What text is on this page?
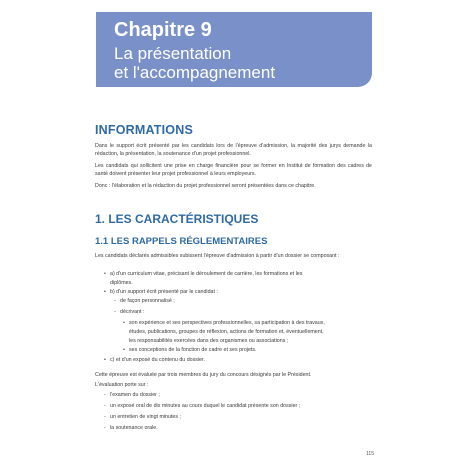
Chapitre 9
La présentation
et l'accompagnement
INFORMATIONS
Dans le support écrit présenté par les candidats lors de l'épreuve d'admission, la majorité des jurys demande la rédaction, la présentation, la soutenance d'un projet professionnel.
Les candidats qui sollicitent une prise en charge financière pour se former en Institut de formation des cadres de santé doivent présenter leur projet professionnel à leurs employeurs.
Donc : l'élaboration et la rédaction du projet professionnel seront présentées dans ce chapitre.
1. LES CARACTÉRISTIQUES
1.1 LES RAPPELS RÉGLEMENTAIRES
Les candidats déclarés admissibles subissent l'épreuve d'admission à partir d'un dossier se composant :
• a) d'un curriculum vitae, précisant le déroulement de carrière, les formations et les
diplômes.
• b) d'un support écrit présenté par le candidat :
- de façon personnalisé ;
- décrivant :
• son expérience et ses perspectives professionnelles, sa participation à des travaux,
études, publications, groupes de réflexion, actions de formation et, éventuellement,
les responsabilités exercées dans des organismes ou associations ;
• ses conceptions de la fonction de cadre et ses projets.
• c) et d'un exposé du contenu du dossier.
Cette épreuve est évaluée par trois membres du jury du concours désignés par le Président.
L'évaluation porte sur :
- l'examen du dossier ;
- un exposé oral de dix minutes au cours duquel le candidat présente son dossier ;
- un entretien de vingt minutes ;
- la soutenance orale.
115
